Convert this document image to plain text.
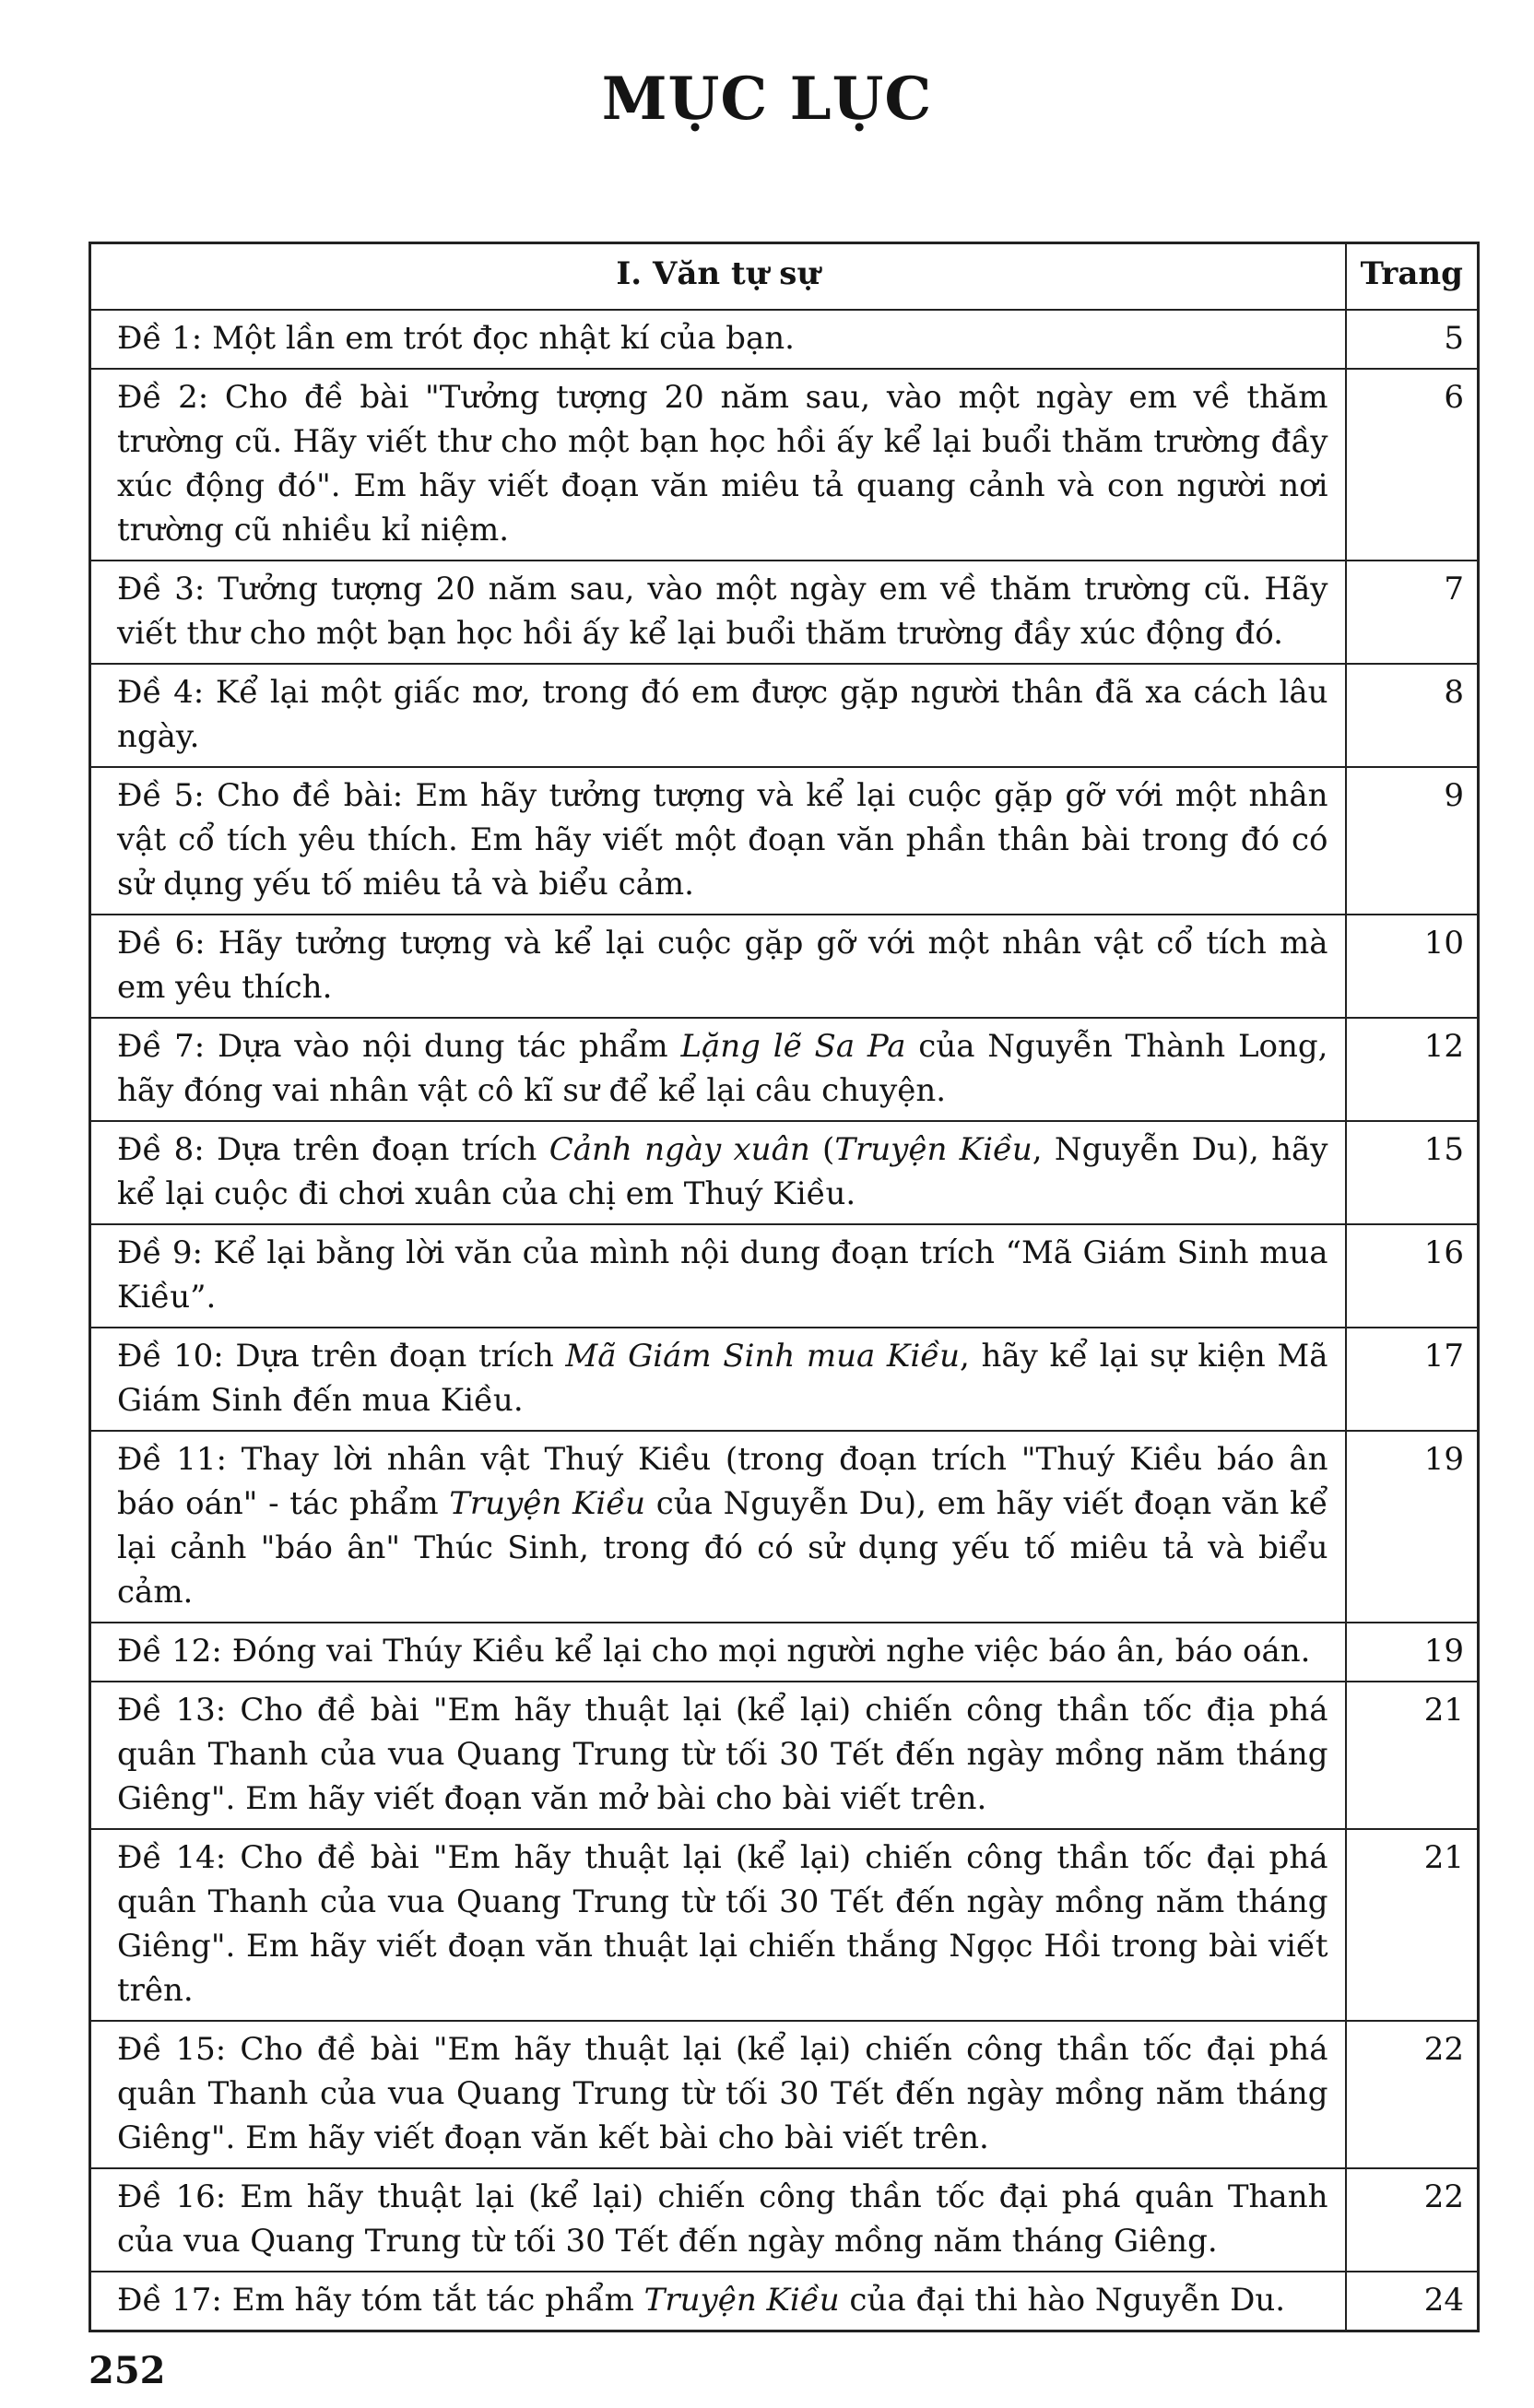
MỤC LỤC
I. Văn tự sự	Trang
Đề 1: Một lần em trót đọc nhật kí của bạn.	5
Đề 2: Cho đề bài "Tưởng tượng 20 năm sau, vào một ngày em về thăm trường cũ. Hãy viết thư cho một bạn học hồi ấy kể lại buổi thăm trường đầy xúc động đó". Em hãy viết đoạn văn miêu tả quang cảnh và con người nơi trường cũ nhiều kỉ niệm.	6
Đề 3: Tưởng tượng 20 năm sau, vào một ngày em về thăm trường cũ. Hãy viết thư cho một bạn học hồi ấy kể lại buổi thăm trường đầy xúc động đó.	7
Đề 4: Kể lại một giấc mơ, trong đó em được gặp người thân đã xa cách lâu ngày.	8
Đề 5: Cho đề bài: Em hãy tưởng tượng và kể lại cuộc gặp gỡ với một nhân vật cổ tích yêu thích. Em hãy viết một đoạn văn phần thân bài trong đó có sử dụng yếu tố miêu tả và biểu cảm.	9
Đề 6: Hãy tưởng tượng và kể lại cuộc gặp gỡ với một nhân vật cổ tích mà em yêu thích.	10
Đề 7: Dựa vào nội dung tác phẩm Lặng lẽ Sa Pa của Nguyễn Thành Long, hãy đóng vai nhân vật cô kĩ sư để kể lại câu chuyện.	12
Đề 8: Dựa trên đoạn trích Cảnh ngày xuân (Truyện Kiều, Nguyễn Du), hãy kể lại cuộc đi chơi xuân của chị em Thuý Kiều.	15
Đề 9: Kể lại bằng lời văn của mình nội dung đoạn trích “Mã Giám Sinh mua Kiều”.	16
Đề 10: Dựa trên đoạn trích Mã Giám Sinh mua Kiều, hãy kể lại sự kiện Mã Giám Sinh đến mua Kiều.	17
Đề 11: Thay lời nhân vật Thuý Kiều (trong đoạn trích "Thuý Kiều báo ân báo oán" - tác phẩm Truyện Kiều của Nguyễn Du), em hãy viết đoạn văn kể lại cảnh "báo ân" Thúc Sinh, trong đó có sử dụng yếu tố miêu tả và biểu cảm.	19
Đề 12: Đóng vai Thúy Kiều kể lại cho mọi người nghe việc báo ân, báo oán.	19
Đề 13: Cho đề bài "Em hãy thuật lại (kể lại) chiến công thần tốc địa phá quân Thanh của vua Quang Trung từ tối 30 Tết đến ngày mồng năm tháng Giêng". Em hãy viết đoạn văn mở bài cho bài viết trên.	21
Đề 14: Cho đề bài "Em hãy thuật lại (kể lại) chiến công thần tốc đại phá quân Thanh của vua Quang Trung từ tối 30 Tết đến ngày mồng năm tháng Giêng". Em hãy viết đoạn văn thuật lại chiến thắng Ngọc Hồi trong bài viết trên.	21
Đề 15: Cho đề bài "Em hãy thuật lại (kể lại) chiến công thần tốc đại phá quân Thanh của vua Quang Trung từ tối 30 Tết đến ngày mồng năm tháng Giêng". Em hãy viết đoạn văn kết bài cho bài viết trên.	22
Đề 16: Em hãy thuật lại (kể lại) chiến công thần tốc đại phá quân Thanh của vua Quang Trung từ tối 30 Tết đến ngày mồng năm tháng Giêng.	22
Đề 17: Em hãy tóm tắt tác phẩm Truyện Kiều của đại thi hào Nguyễn Du.	24
252
